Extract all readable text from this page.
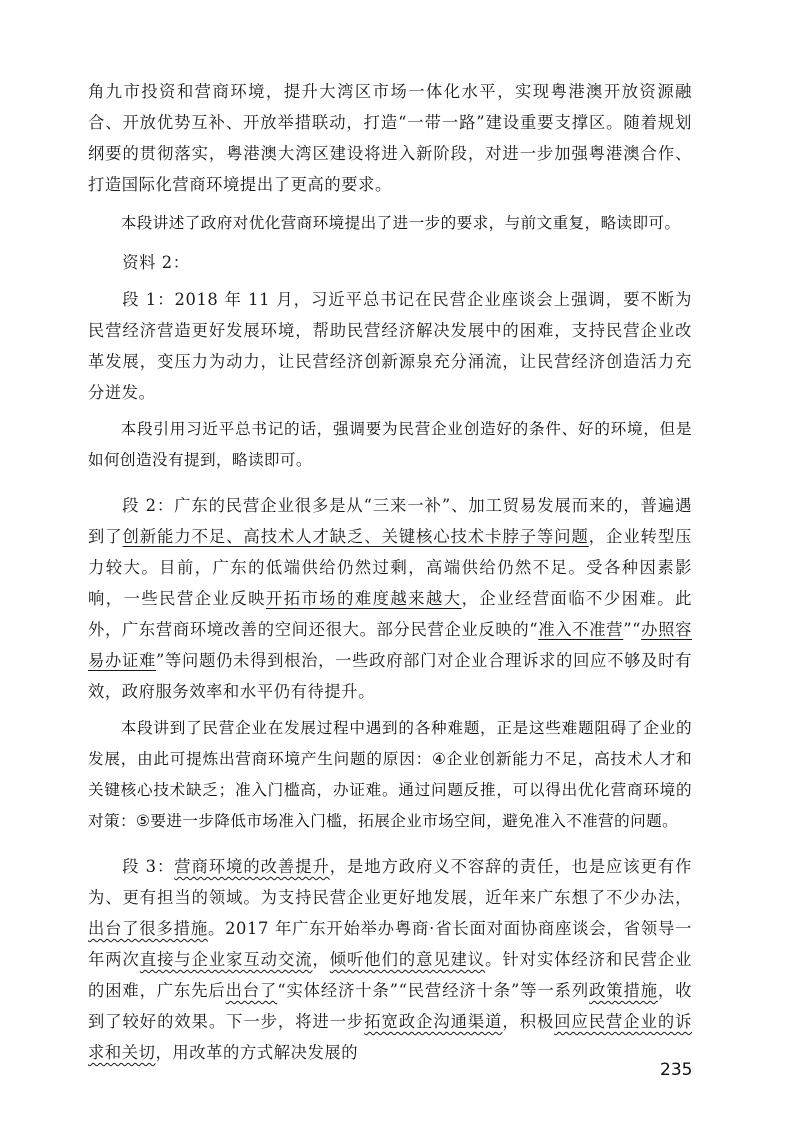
角九市投资和营商环境，提升大湾区市场一体化水平，实现粤港澳开放资源融合、开放优势互补、开放举措联动，打造“一带一路”建设重要支撑区。随着规划纲要的贯彻落实，粤港澳大湾区建设将进入新阶段，对进一步加强粤港澳合作、打造国际化营商环境提出了更高的要求。

本段讲述了政府对优化营商环境提出了进一步的要求，与前文重复，略读即可。

资料 2：

段 1：2018 年 11 月，习近平总书记在民营企业座谈会上强调，要不断为民营经济营造更好发展环境，帮助民营经济解决发展中的困难，支持民营企业改革发展，变压力为动力，让民营经济创新源泉充分涌流，让民营经济创造活力充分迸发。

本段引用习近平总书记的话，强调要为民营企业创造好的条件、好的环境，但是如何创造没有提到，略读即可。

段 2：广东的民营企业很多是从“三来一补”、加工贸易发展而来的，普遍遇到了创新能力不足、高技术人才缺乏、关键核心技术卡脖子等问题，企业转型压力较大。目前，广东的低端供给仍然过剩，高端供给仍然不足。受各种因素影响，一些民营企业反映开拓市场的难度越来越大，企业经营面临不少困难。此外，广东营商环境改善的空间还很大。部分民营企业反映的“准入不准营”“办照容易办证难”等问题仍未得到根治，一些政府部门对企业合理诉求的回应不够及时有效，政府服务效率和水平仍有待提升。

本段讲到了民营企业在发展过程中遇到的各种难题，正是这些难题阻碍了企业的发展，由此可提炼出营商环境产生问题的原因：④企业创新能力不足，高技术人才和关键核心技术缺乏；准入门槛高，办证难。通过问题反推，可以得出优化营商环境的对策：⑤要进一步降低市场准入门槛，拓展企业市场空间，避免准入不准营的问题。

段 3：营商环境的改善提升，是地方政府义不容辞的责任，也是应该更有作为、更有担当的领域。为支持民营企业更好地发展，近年来广东想了不少办法，出台了很多措施。2017 年广东开始举办粤商·省长面对面协商座谈会，省领导一年两次直接与企业家互动交流，倾听他们的意见建议。针对实体经济和民营企业的困难，广东先后出台了“实体经济十条”“民营经济十条”等一系列政策措施，收到了较好的效果。下一步，将进一步拓宽政企沟通渠道，积极回应民营企业的诉求和关切，用改革的方式解决发展的

235
